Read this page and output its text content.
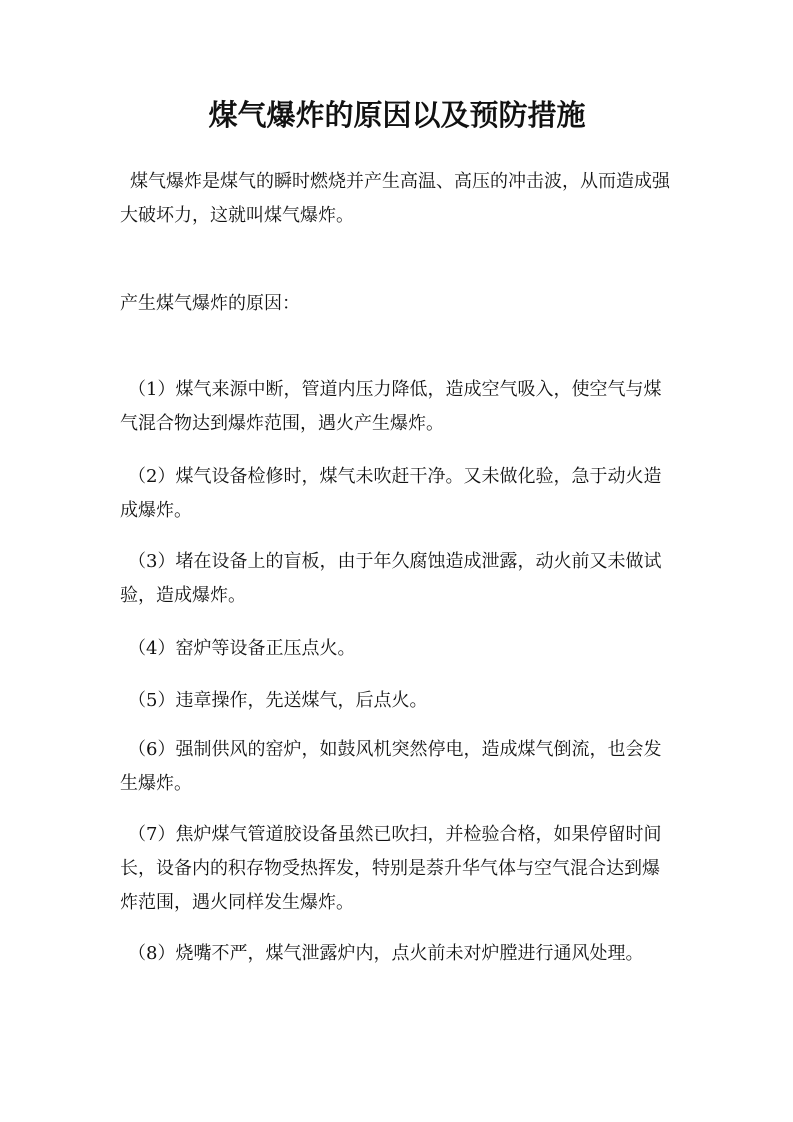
煤气爆炸的原因以及预防措施

煤气爆炸是煤气的瞬时燃烧并产生高温、高压的冲击波，从而造成强大破坏力，这就叫煤气爆炸。

产生煤气爆炸的原因：

（1）煤气来源中断，管道内压力降低，造成空气吸入，使空气与煤气混合物达到爆炸范围，遇火产生爆炸。

（2）煤气设备检修时，煤气未吹赶干净。又未做化验，急于动火造成爆炸。

（3）堵在设备上的盲板，由于年久腐蚀造成泄露，动火前又未做试验，造成爆炸。

（4）窑炉等设备正压点火。

（5）违章操作，先送煤气，后点火。

（6）强制供风的窑炉，如鼓风机突然停电，造成煤气倒流，也会发生爆炸。

（7）焦炉煤气管道胶设备虽然已吹扫，并检验合格，如果停留时间长，设备内的积存物受热挥发，特别是萘升华气体与空气混合达到爆炸范围，遇火同样发生爆炸。

（8）烧嘴不严，煤气泄露炉内，点火前未对炉膛进行通风处理。
